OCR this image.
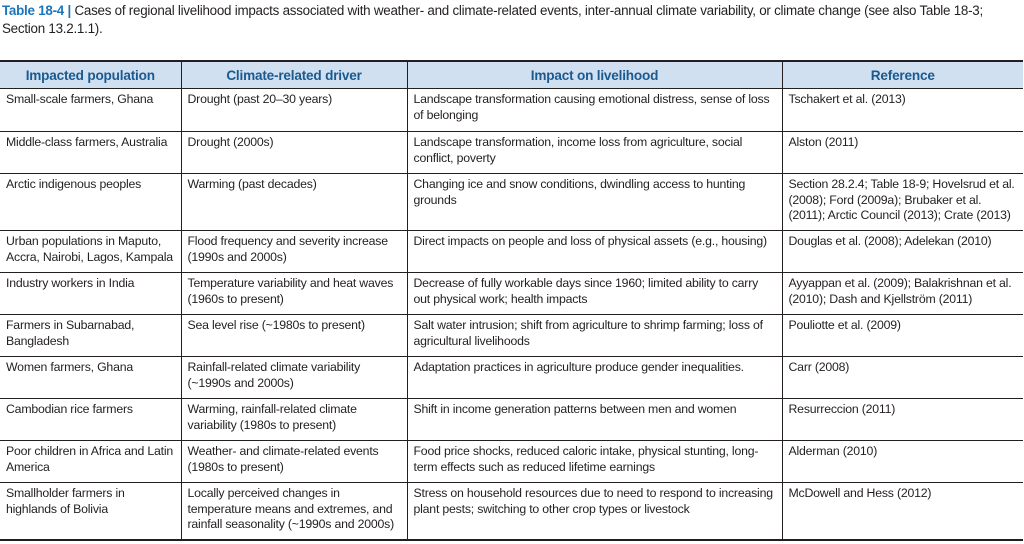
Table 18-4 | Cases of regional livelihood impacts associated with weather- and climate-related events, inter-annual climate variability, or climate change (see also Table 18-3; Section 13.2.1.1).
Impacted population	Climate-related driver	Impact on livelihood	Reference
Small-scale farmers, Ghana	Drought (past 20–30 years)	Landscape transformation causing emotional distress, sense of loss of belonging	Tschakert et al. (2013)
Middle-class farmers, Australia	Drought (2000s)	Landscape transformation, income loss from agriculture, social conflict, poverty	Alston (2011)
Arctic indigenous peoples	Warming (past decades)	Changing ice and snow conditions, dwindling access to hunting grounds	Section 28.2.4; Table 18-9; Hovelsrud et al. (2008); Ford (2009a); Brubaker et al. (2011); Arctic Council (2013); Crate (2013)
Urban populations in Maputo, Accra, Nairobi, Lagos, Kampala	Flood frequency and severity increase (1990s and 2000s)	Direct impacts on people and loss of physical assets (e.g., housing)	Douglas et al. (2008); Adelekan (2010)
Industry workers in India	Temperature variability and heat waves (1960s to present)	Decrease of fully workable days since 1960; limited ability to carry out physical work; health impacts	Ayyappan et al. (2009); Balakrishnan et al. (2010); Dash and Kjellström (2011)
Farmers in Subarnabad, Bangladesh	Sea level rise (~1980s to present)	Salt water intrusion; shift from agriculture to shrimp farming; loss of agricultural livelihoods	Pouliotte et al. (2009)
Women farmers, Ghana	Rainfall-related climate variability (~1990s and 2000s)	Adaptation practices in agriculture produce gender inequalities.	Carr (2008)
Cambodian rice farmers	Warming, rainfall-related climate variability (1980s to present)	Shift in income generation patterns between men and women	Resurreccion (2011)
Poor children in Africa and Latin America	Weather- and climate-related events (1980s to present)	Food price shocks, reduced caloric intake, physical stunting, long-term effects such as reduced lifetime earnings	Alderman (2010)
Smallholder farmers in highlands of Bolivia	Locally perceived changes in temperature means and extremes, and rainfall seasonality (~1990s and 2000s)	Stress on household resources due to need to respond to increasing plant pests; switching to other crop types or livestock	McDowell and Hess (2012)
